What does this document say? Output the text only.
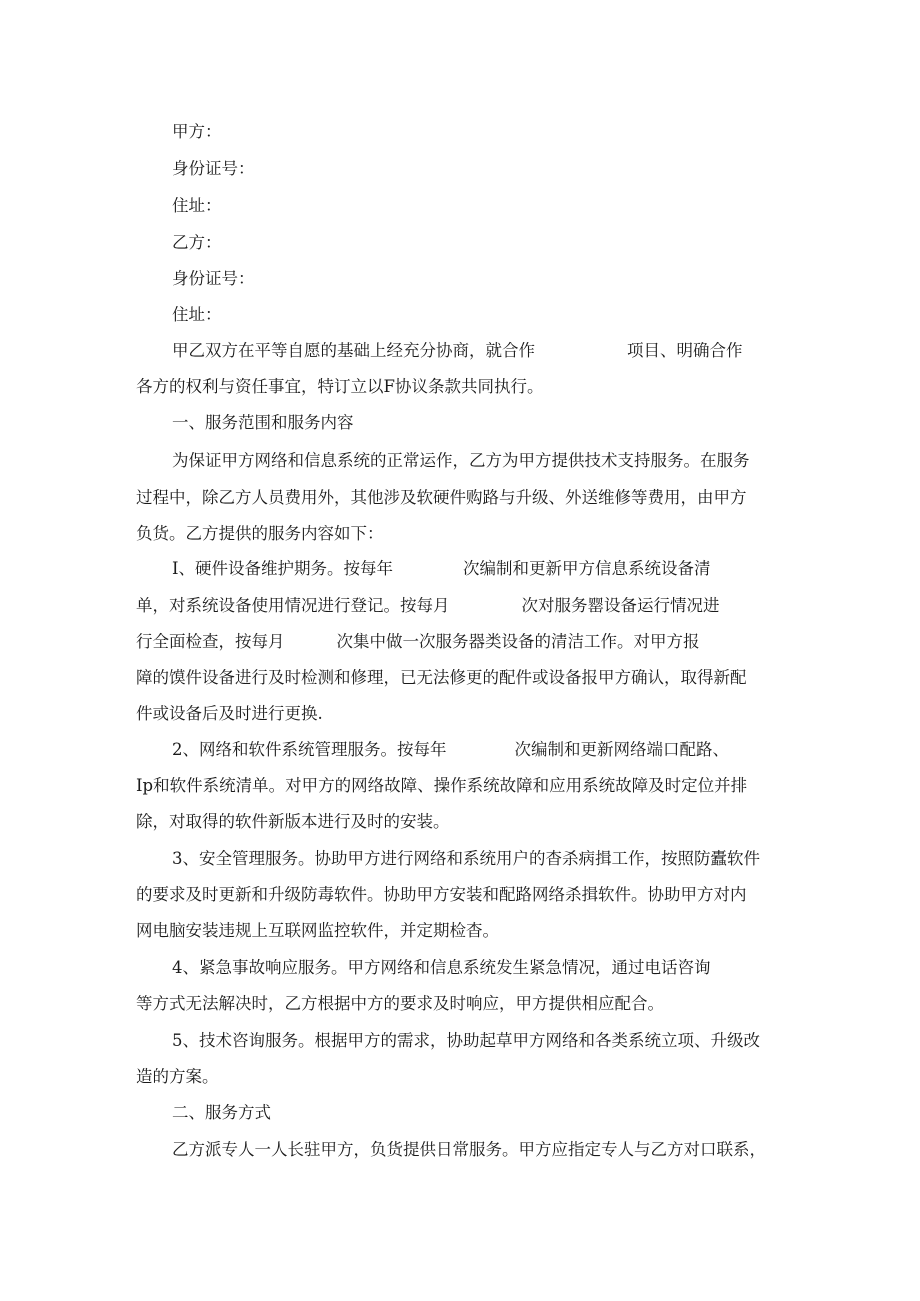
甲方：
身份证号：
住址：
乙方：
身份证号：
住址：
甲乙双方在平等自愿的基础上经充分协商，就合作	项目、明确合作
各方的权利与资任事宜，特订立以F协议条款共同执行。
一、服务范围和服务内容
为保证甲方网络和信息系统的正常运作，乙方为甲方提供技术支持服务。在服务
过程中，除乙方人员费用外，其他涉及软硬件购路与升级、外送维修等费用，由甲方
负货。乙方提供的服务内容如下：
I、硬件设备维护期务。按每年	次编制和更新甲方信息系统设备清
单，对系统设备使用情况进行登记。按每月	次对服务罂设备运行情况进
行全面检查，按每月	次集中做一次服务器类设备的清洁工作。对甲方报
障的馍件设备进行及时检测和修理，已无法修更的配件或设备报甲方确认，取得新配
件或设备后及时进行更换.
2、网络和软件系统管理服务。按每年	次编制和更新网络端口配路、
Ip和软件系统清单。对甲方的网络故障、操作系统故障和应用系统故障及时定位并排
除，对取得的软件新版本进行及时的安装。
3、安全管理服务。协助甲方进行网络和系统用户的杳杀病揖工作，按照防蠹软件
的要求及时更新和升级防毒软件。协助甲方安装和配路网络杀揖软件。协助甲方对内
网电脑安装违规上互联网监控软件，并定期检杳。
4、紧急事故响应服务。甲方网络和信息系统发生紧急情况，通过电话咨询
等方式无法解决时，乙方根据中方的要求及时响应，甲方提供相应配合。
5、技术咨询服务。根据甲方的需求，协助起草甲方网络和各类系统立项、升级改
造的方案。
二、服务方式
乙方派专人一人长驻甲方，负货提供日常服务。甲方应指定专人与乙方对口联系，
